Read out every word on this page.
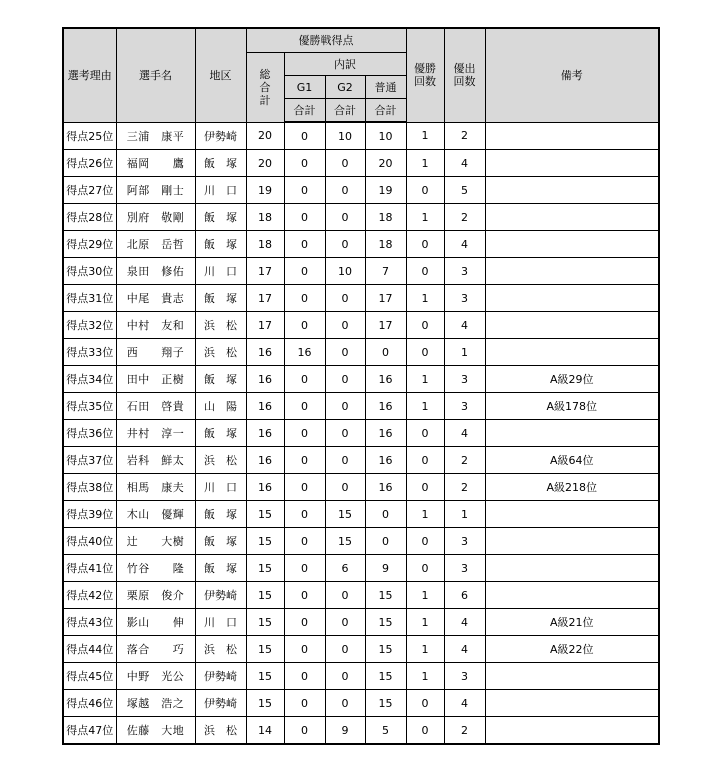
選考理由	選手名	地区	優勝戦得点				優勝回数	優出回数	備考
			総合計	内訳					
				G1	G2	普通			
				合計	合計	合計			
得点25位	三浦　康平	伊勢崎	20	0	10	10	1	2	
得点26位	福岡　　鷹	飯　塚	20	0	0	20	1	4	
得点27位	阿部　剛士	川　口	19	0	0	19	0	5	
得点28位	別府　敬剛	飯　塚	18	0	0	18	1	2	
得点29位	北原　岳哲	飯　塚	18	0	0	18	0	4	
得点30位	泉田　修佑	川　口	17	0	10	7	0	3	
得点31位	中尾　貴志	飯　塚	17	0	0	17	1	3	
得点32位	中村　友和	浜　松	17	0	0	17	0	4	
得点33位	西　　翔子	浜　松	16	16	0	0	0	1	
得点34位	田中　正樹	飯　塚	16	0	0	16	1	3	A級29位
得点35位	石田　啓貴	山　陽	16	0	0	16	1	3	A級178位
得点36位	井村　淳一	飯　塚	16	0	0	16	0	4	
得点37位	岩科　鮮太	浜　松	16	0	0	16	0	2	A級64位
得点38位	相馬　康夫	川　口	16	0	0	16	0	2	A級218位
得点39位	木山　優輝	飯　塚	15	0	15	0	1	1	
得点40位	辻　　大樹	飯　塚	15	0	15	0	0	3	
得点41位	竹谷　　隆	飯　塚	15	0	6	9	0	3	
得点42位	栗原　俊介	伊勢崎	15	0	0	15	1	6	
得点43位	影山　　伸	川　口	15	0	0	15	1	4	A級21位
得点44位	落合　　巧	浜　松	15	0	0	15	1	4	A級22位
得点45位	中野　光公	伊勢崎	15	0	0	15	1	3	
得点46位	塚越　浩之	伊勢崎	15	0	0	15	0	4	
得点47位	佐藤　大地	浜　松	14	0	9	5	0	2	
